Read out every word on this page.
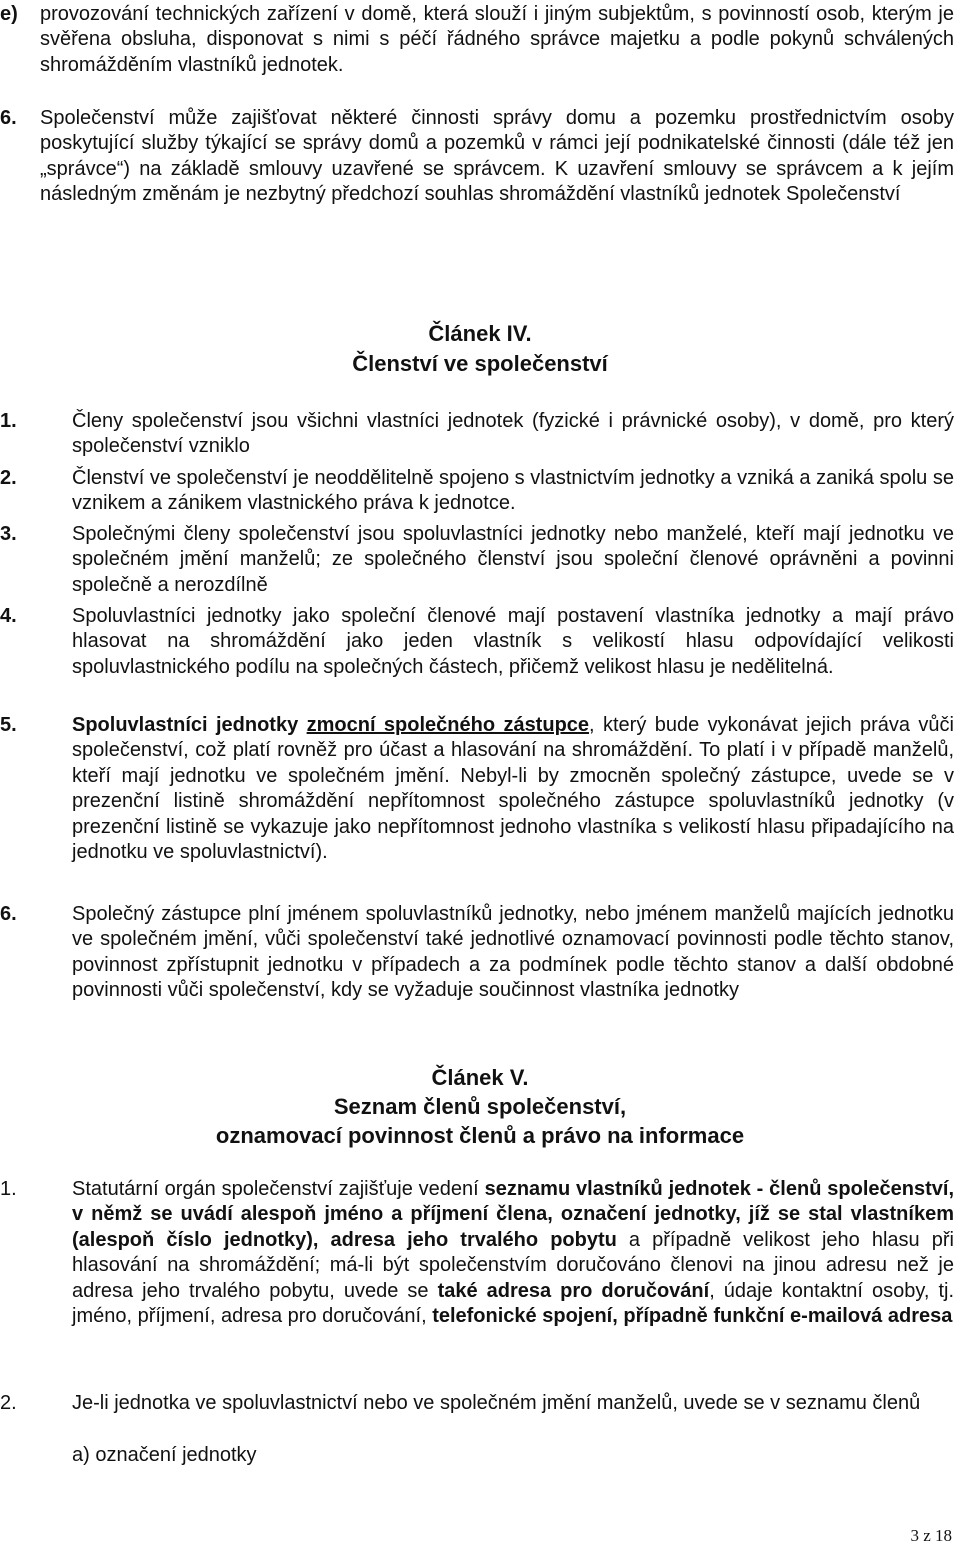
e)	provozování technických zařízení v domě, která slouží i jiným subjektům, s povinností osob, kterým je svěřena obsluha, disponovat s nimi s péčí řádného správce majetku a podle pokynů schválených shromážděním vlastníků jednotek.
6.	Společenství může zajišťovat některé činnosti správy domu a pozemku prostřednictvím osoby poskytující služby týkající se správy domů a pozemků v rámci její podnikatelské činnosti (dále též jen „správce“) na základě smlouvy uzavřené se správcem. K uzavření smlouvy se správcem a k jejím následným změnám je nezbytný předchozí souhlas shromáždění vlastníků jednotek Společenství
Článek IV.
Členství ve společenství
1.	Členy společenství jsou všichni vlastníci jednotek (fyzické i právnické osoby), v domě, pro který společenství vzniklo
2.	Členství ve společenství je neoddělitelně spojeno s vlastnictvím jednotky a vzniká a zaniká spolu se vznikem a zánikem vlastnického práva k jednotce.
3.	Společnými členy společenství jsou spoluvlastníci jednotky nebo manželé, kteří mají jednotku ve společném jmění manželů; ze společného členství jsou společní členové oprávněni a povinni společně a nerozdílně
4.	Spoluvlastníci jednotky jako společní členové mají postavení vlastníka jednotky a mají právo hlasovat na shromáždění jako jeden vlastník s velikostí hlasu odpovídající velikosti spoluvlastnického podílu na společných částech, přičemž velikost hlasu je nedělitelná.
5.	Spoluvlastníci jednotky zmocní společného zástupce, který bude vykonávat jejich práva vůči společenství, což platí rovněž pro účast a hlasování na shromáždění. To platí i v případě manželů, kteří mají jednotku ve společném jmění. Nebyl-li by zmocněn společný zástupce, uvede se v prezenční listině shromáždění nepřítomnost společného zástupce spoluvlastníků jednotky (v prezenční listině se vykazuje jako nepřítomnost jednoho vlastníka s velikostí hlasu připadajícího na jednotku ve spoluvlastnictví).
6.	Společný zástupce plní jménem spoluvlastníků jednotky, nebo jménem manželů majících jednotku ve společném jmění, vůči společenství také jednotlivé oznamovací povinnosti podle těchto stanov, povinnost zpřístupnit jednotku v případech a za podmínek podle těchto stanov a další obdobné povinnosti vůči společenství, kdy se vyžaduje součinnost vlastníka jednotky
Článek V.
Seznam členů společenství,
oznamovací povinnost členů a právo na informace
1.	Statutární orgán společenství zajišťuje vedení seznamu vlastníků jednotek - členů společenství, v němž se uvádí alespoň jméno a příjmení člena, označení jednotky, jíž se stal vlastníkem (alespoň číslo jednotky), adresa jeho trvalého pobytu a případně velikost jeho hlasu při hlasování na shromáždění; má-li být společenstvím doručováno členovi na jinou adresu než je adresa jeho trvalého pobytu, uvede se také adresa pro doručování, údaje kontaktní osoby, tj. jméno, příjmení, adresa pro doručování, telefonické spojení, případně funkční e-mailová adresa
2.	Je-li jednotka ve spoluvlastnictví nebo ve společném jmění manželů, uvede se v seznamu členů
a) označení jednotky
3 z 18
